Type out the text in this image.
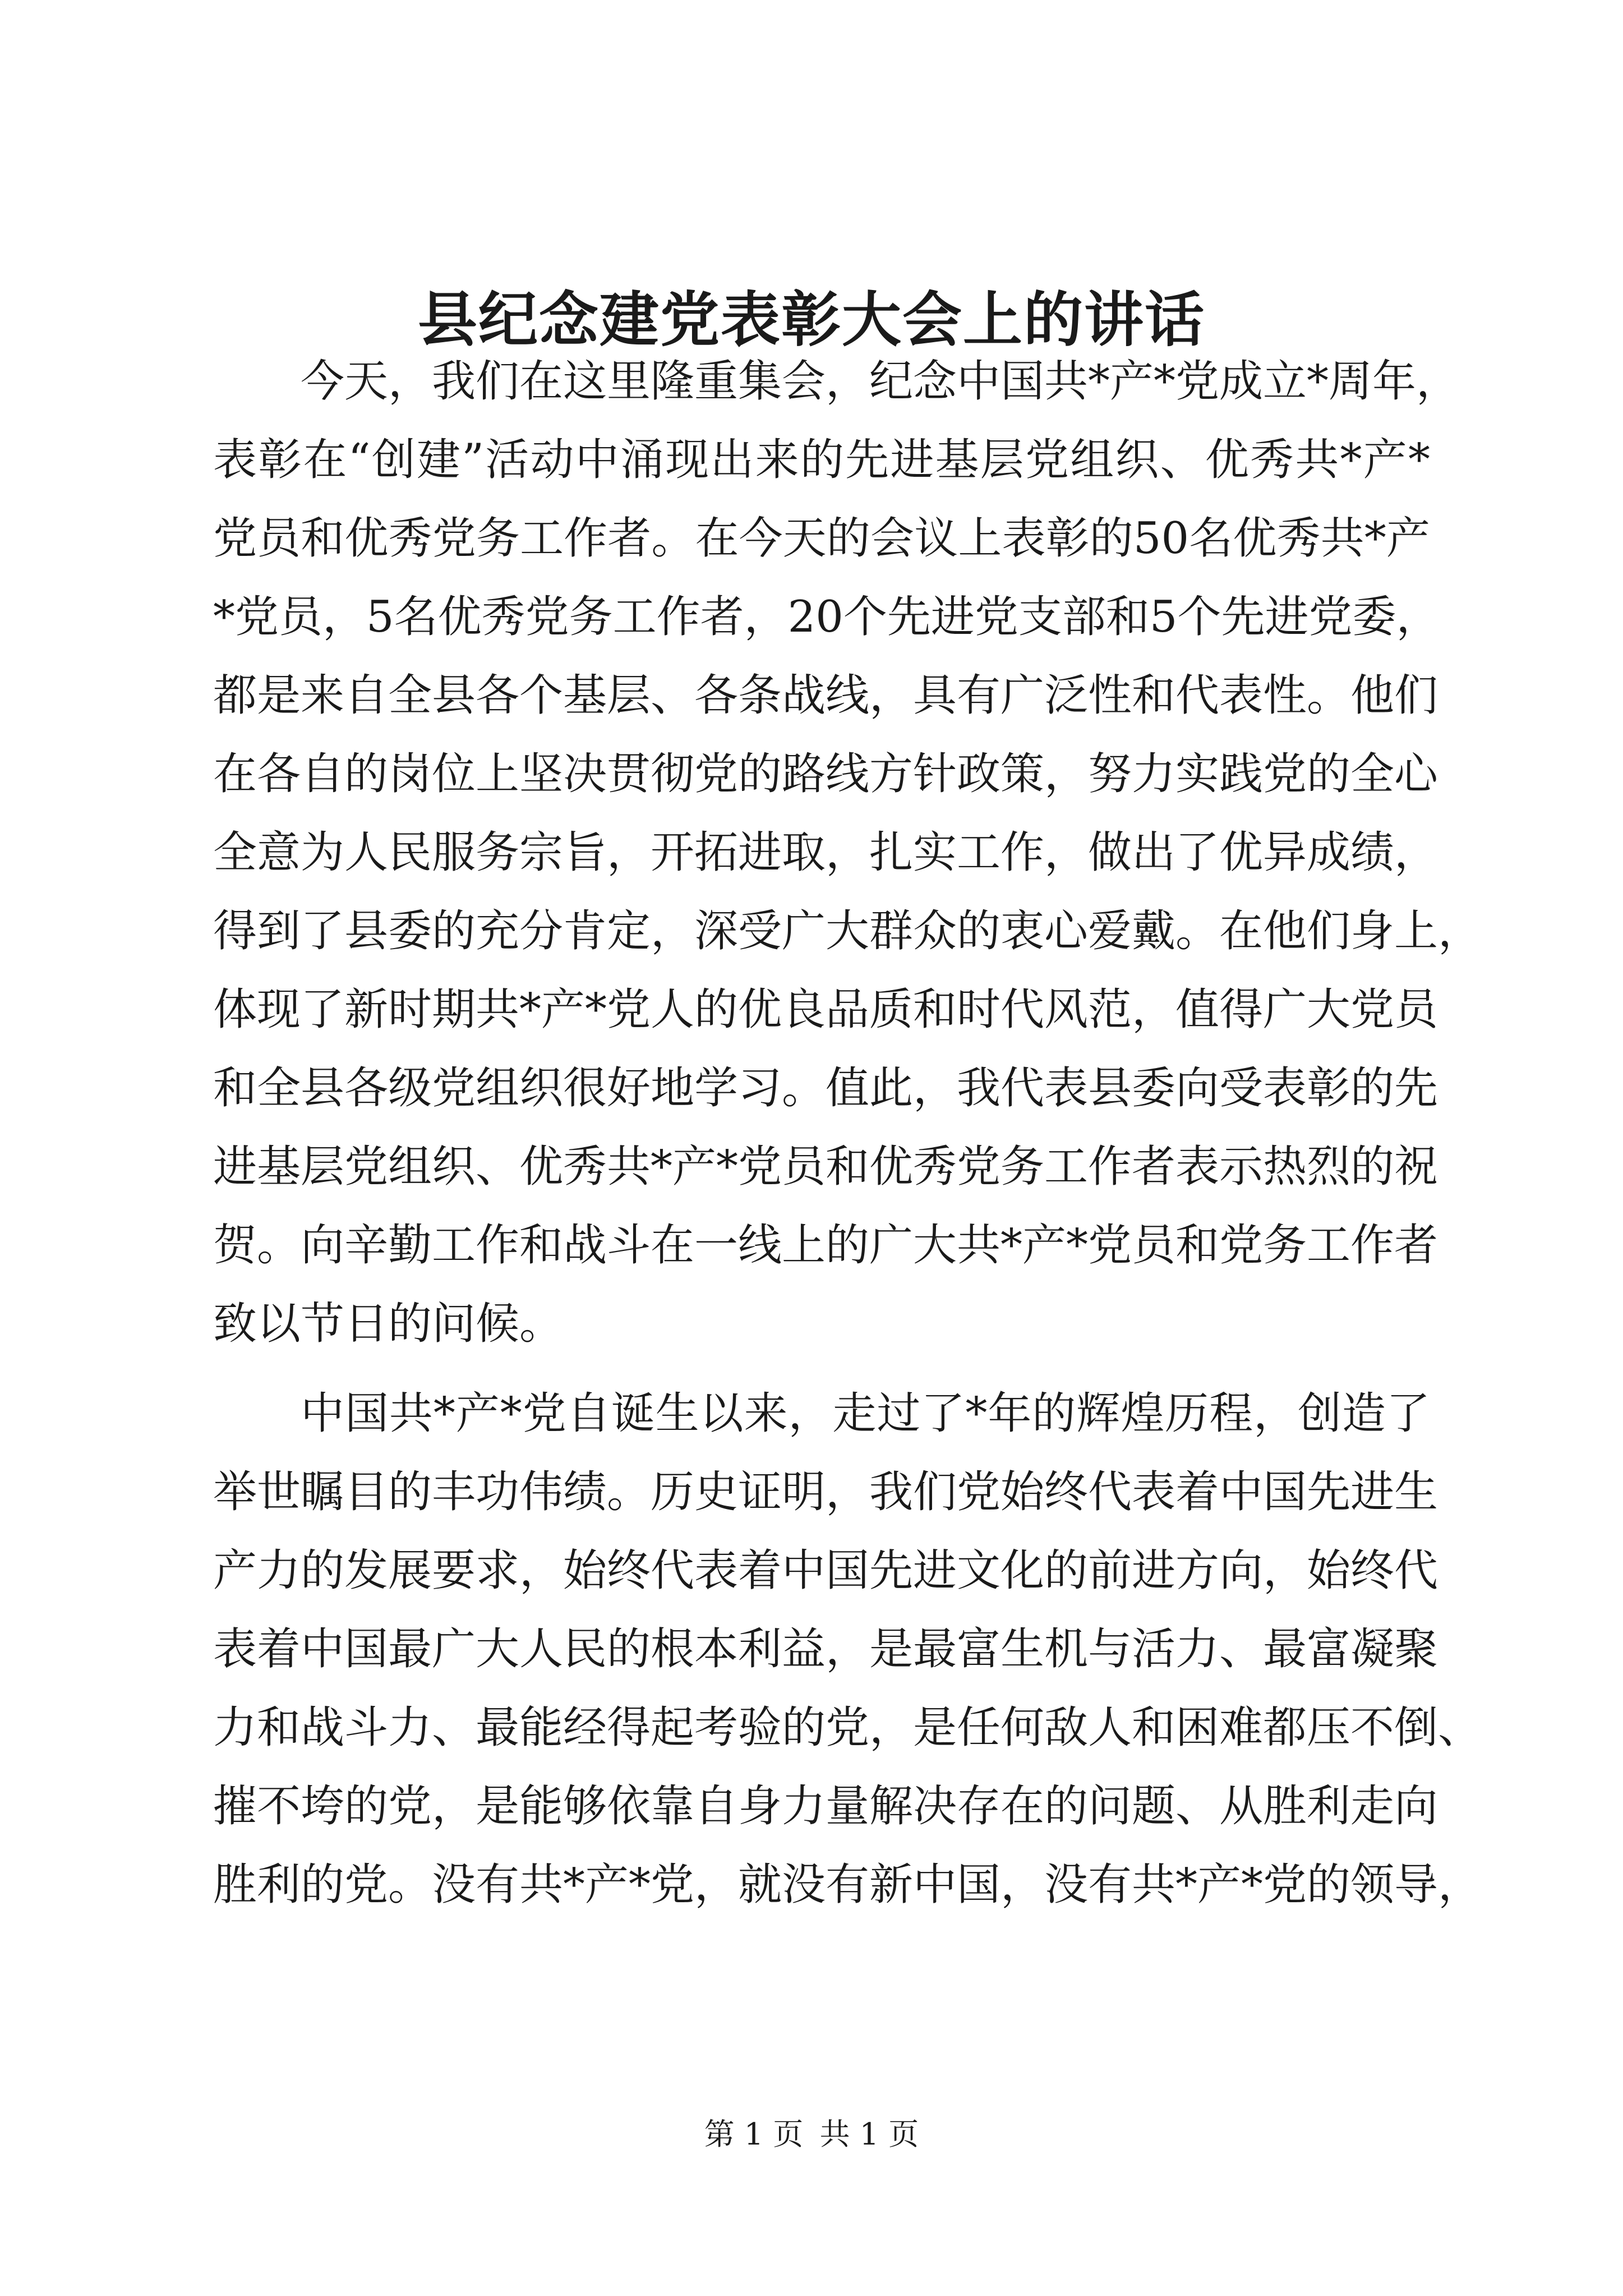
县纪念建党表彰大会上的讲话
今天，我们在这里隆重集会，纪念中国共*产*党成立*周年，
表彰在“创建”活动中涌现出来的先进基层党组织、优秀共*产*
党员和优秀党务工作者。在今天的会议上表彰的50名优秀共*产
*党员，5名优秀党务工作者，20个先进党支部和5个先进党委，
都是来自全县各个基层、各条战线，具有广泛性和代表性。他们
在各自的岗位上坚决贯彻党的路线方针政策，努力实践党的全心
全意为人民服务宗旨，开拓进取，扎实工作，做出了优异成绩，
得到了县委的充分肯定，深受广大群众的衷心爱戴。在他们身上，
体现了新时期共*产*党人的优良品质和时代风范，值得广大党员
和全县各级党组织很好地学习。值此，我代表县委向受表彰的先
进基层党组织、优秀共*产*党员和优秀党务工作者表示热烈的祝
贺。向辛勤工作和战斗在一线上的广大共*产*党员和党务工作者
致以节日的问候。
中国共*产*党自诞生以来，走过了*年的辉煌历程，创造了
举世瞩目的丰功伟绩。历史证明，我们党始终代表着中国先进生
产力的发展要求，始终代表着中国先进文化的前进方向，始终代
表着中国最广大人民的根本利益，是最富生机与活力、最富凝聚
力和战斗力、最能经得起考验的党，是任何敌人和困难都压不倒、
摧不垮的党，是能够依靠自身力量解决存在的问题、从胜利走向
胜利的党。没有共*产*党，就没有新中国，没有共*产*党的领导，
第 1 页 共 1 页
